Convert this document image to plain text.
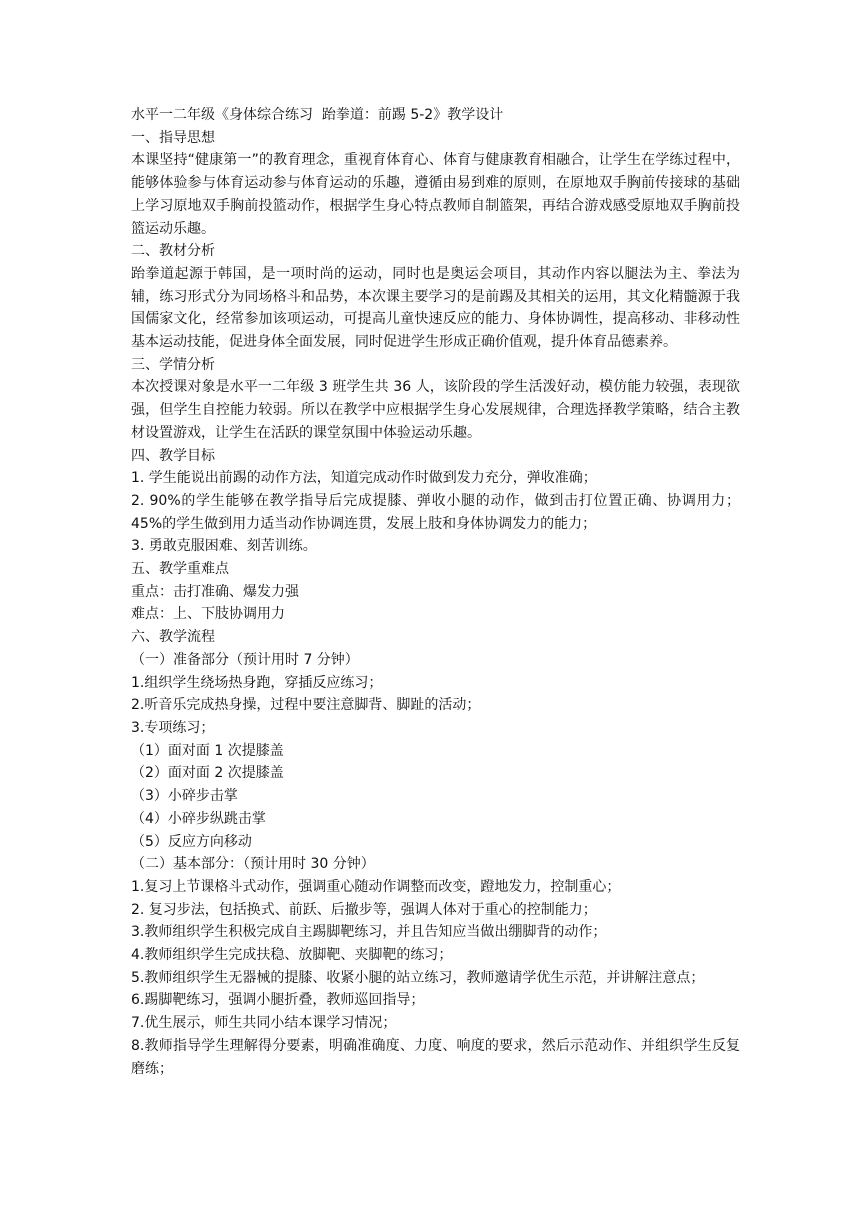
水平一二年级《身体综合练习  跆拳道：前踢 5-2》教学设计

一、指导思想

本课坚持“健康第一”的教育理念，重视育体育心、体育与健康教育相融合，让学生在学练过程中，能够体验参与体育运动参与体育运动的乐趣，遵循由易到难的原则，在原地双手胸前传接球的基础上学习原地双手胸前投篮动作，根据学生身心特点教师自制篮架，再结合游戏感受原地双手胸前投篮运动乐趣。

二、教材分析

跆拳道起源于韩国，是一项时尚的运动，同时也是奥运会项目，其动作内容以腿法为主、拳法为辅，练习形式分为同场格斗和品势，本次课主要学习的是前踢及其相关的运用，其文化精髓源于我国儒家文化，经常参加该项运动，可提高儿童快速反应的能力、身体协调性，提高移动、非移动性基本运动技能，促进身体全面发展，同时促进学生形成正确价值观，提升体育品德素养。

三、学情分析

本次授课对象是水平一二年级 3 班学生共 36 人，该阶段的学生活泼好动，模仿能力较强，表现欲强，但学生自控能力较弱。所以在教学中应根据学生身心发展规律，合理选择教学策略，结合主教材设置游戏，让学生在活跃的课堂氛围中体验运动乐趣。

四、教学目标

1. 学生能说出前踢的动作方法，知道完成动作时做到发力充分，弹收准确；

2. 90%的学生能够在教学指导后完成提膝、弹收小腿的动作，做到击打位置正确、协调用力；45%的学生做到用力适当动作协调连贯，发展上肢和身体协调发力的能力；

3. 勇敢克服困难、刻苦训练。

五、教学重难点

重点：击打准确、爆发力强

难点：上、下肢协调用力

六、教学流程

（一）准备部分（预计用时 7 分钟）

1.组织学生绕场热身跑，穿插反应练习；

2.听音乐完成热身操，过程中要注意脚背、脚趾的活动；

3.专项练习；

（1）面对面 1 次提膝盖

（2）面对面 2 次提膝盖

（3）小碎步击掌

（4）小碎步纵跳击掌

（5）反应方向移动

（二）基本部分：（预计用时 30 分钟）

1.复习上节课格斗式动作，强调重心随动作调整而改变，蹬地发力，控制重心；

2. 复习步法，包括换式、前跃、后撤步等，强调人体对于重心的控制能力；

3.教师组织学生积极完成自主踢脚靶练习，并且告知应当做出绷脚背的动作；

4.教师组织学生完成扶稳、放脚靶、夹脚靶的练习；

5.教师组织学生无器械的提膝、收紧小腿的站立练习，教师邀请学优生示范，并讲解注意点；

6.踢脚靶练习，强调小腿折叠，教师巡回指导；

7.优生展示，师生共同小结本课学习情况；

8.教师指导学生理解得分要素，明确准确度、力度、响度的要求，然后示范动作、并组织学生反复磨练；
